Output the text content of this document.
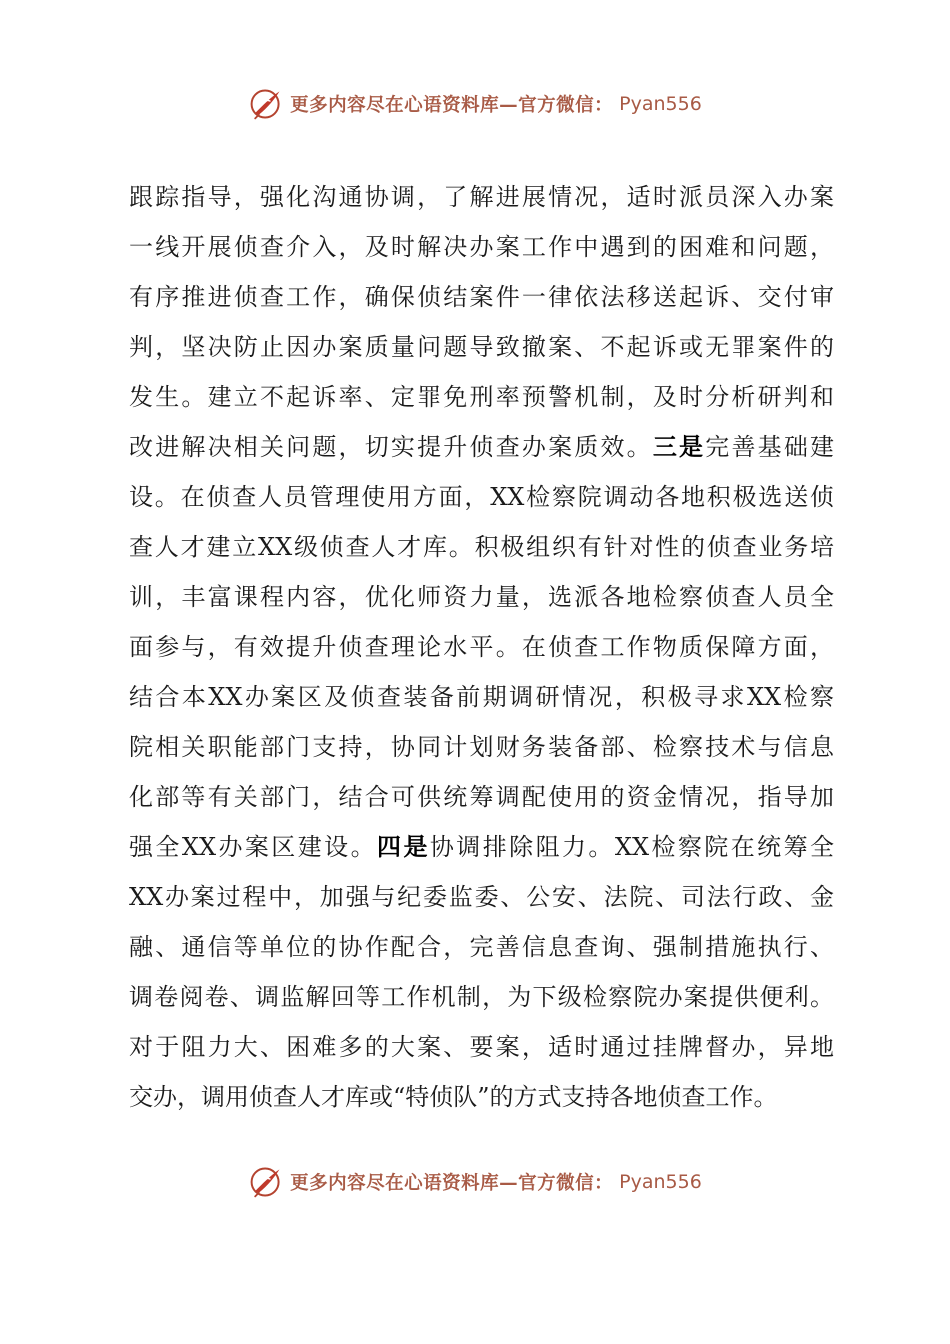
更多内容尽在心语资料库—官方微信： Pyan556
跟踪指导，强化沟通协调，了解进展情况，适时派员深入办案
一线开展侦查介入，及时解决办案工作中遇到的困难和问题，
有序推进侦查工作，确保侦结案件一律依法移送起诉、交付审
判，坚决防止因办案质量问题导致撤案、不起诉或无罪案件的
发生。建立不起诉率、定罪免刑率预警机制，及时分析研判和
改进解决相关问题，切实提升侦查办案质效。三是完善基础建
设。在侦查人员管理使用方面，XX检察院调动各地积极选送侦
查人才建立XX级侦查人才库。积极组织有针对性的侦查业务培
训，丰富课程内容，优化师资力量，选派各地检察侦查人员全
面参与，有效提升侦查理论水平。在侦查工作物质保障方面，
结合本XX办案区及侦查装备前期调研情况，积极寻求XX检察
院相关职能部门支持，协同计划财务装备部、检察技术与信息
化部等有关部门，结合可供统筹调配使用的资金情况，指导加
强全XX办案区建设。四是协调排除阻力。XX检察院在统筹全
XX办案过程中，加强与纪委监委、公安、法院、司法行政、金
融、通信等单位的协作配合，完善信息查询、强制措施执行、
调卷阅卷、调监解回等工作机制，为下级检察院办案提供便利。
对于阻力大、困难多的大案、要案，适时通过挂牌督办，异地
交办，调用侦查人才库或“特侦队”的方式支持各地侦查工作。
更多内容尽在心语资料库—官方微信： Pyan556
